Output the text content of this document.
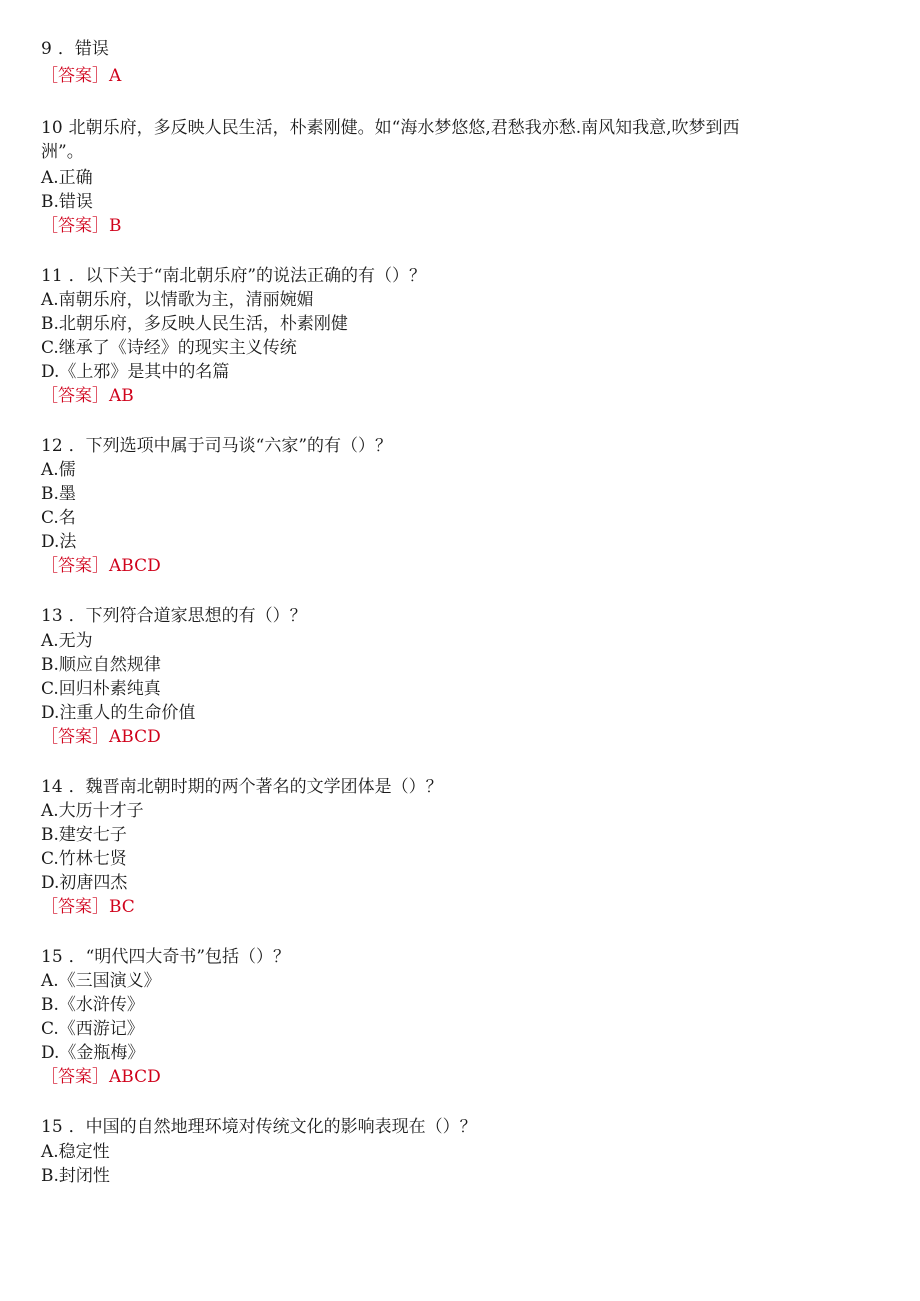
9 ．错误
［答案］A
10 北朝乐府，多反映人民生活，朴素刚健。如“海水梦悠悠,君愁我亦愁.南风知我意,吹梦到西
洲”。
A.正确
B.错误
［答案］B
11 ．以下关于“南北朝乐府”的说法正确的有（）？
A.南朝乐府，以情歌为主，清丽婉媚
B.北朝乐府，多反映人民生活，朴素刚健
C.继承了《诗经》的现实主义传统
D.《上邪》是其中的名篇
［答案］AB
12 ．下列选项中属于司马谈“六家”的有（）？
A.儒
B.墨
C.名
D.法
［答案］ABCD
13 ．下列符合道家思想的有（）？
A.无为
B.顺应自然规律
C.回归朴素纯真
D.注重人的生命价值
［答案］ABCD
14 ．魏晋南北朝时期的两个著名的文学团体是（）？
A.大历十才子
B.建安七子
C.竹林七贤
D.初唐四杰
［答案］BC
15 ．“明代四大奇书”包括（）？
A.《三国演义》
B.《水浒传》
C.《西游记》
D.《金瓶梅》
［答案］ABCD
15 ．中国的自然地理环境对传统文化的影响表现在（）？
A.稳定性
B.封闭性
